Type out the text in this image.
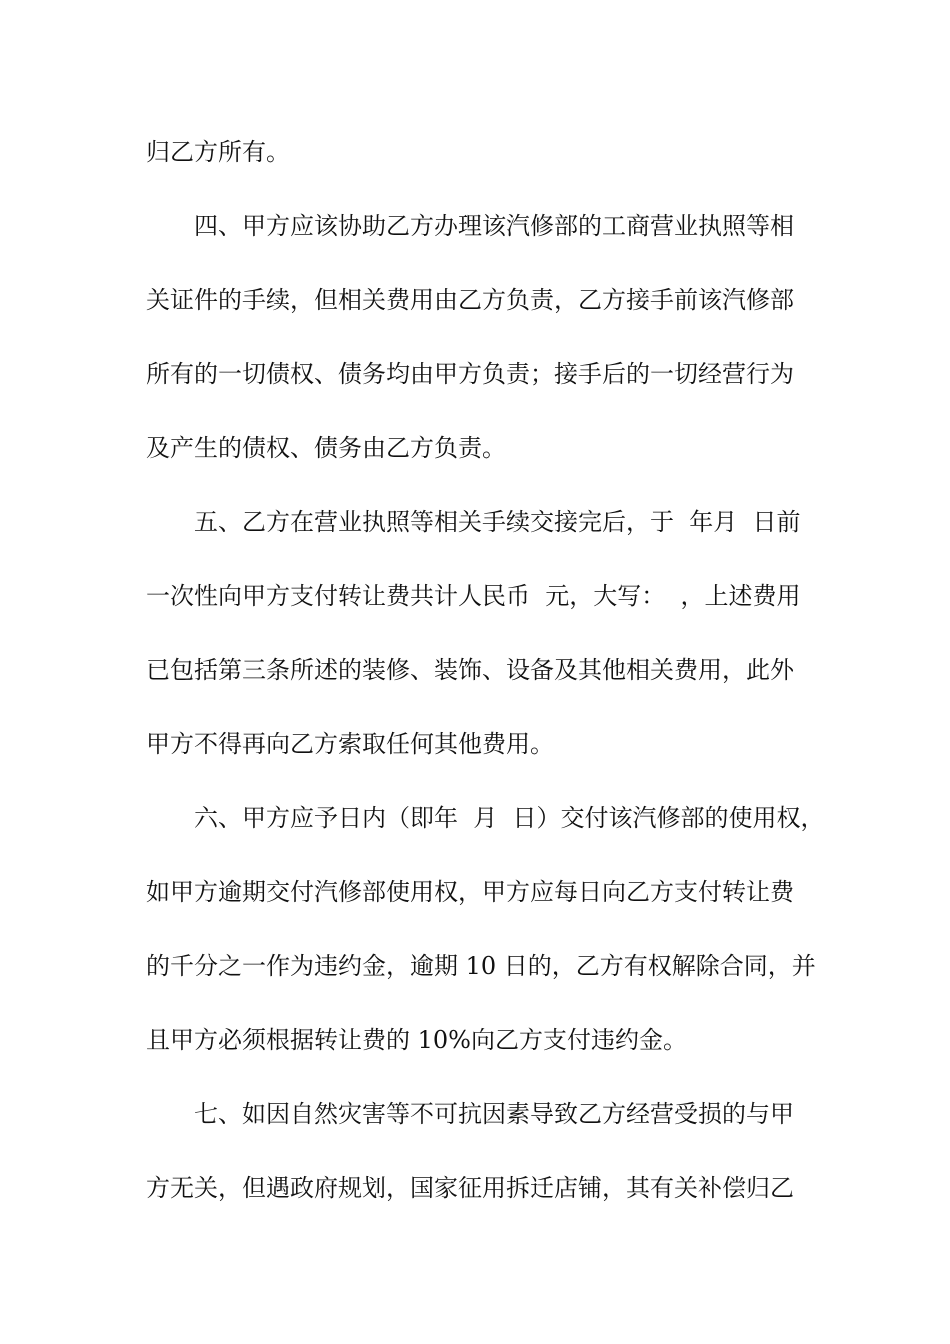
归乙方所有。
四、甲方应该协助乙方办理该汽修部的工商营业执照等相
关证件的手续，但相关费用由乙方负责，乙方接手前该汽修部
所有的一切债权、债务均由甲方负责；接手后的一切经营行为
及产生的债权、债务由乙方负责。
五、乙方在营业执照等相关手续交接完后，于  年月  日前
一次性向甲方支付转让费共计人民币  元，大写：  ，上述费用
已包括第三条所述的装修、装饰、设备及其他相关费用，此外
甲方不得再向乙方索取任何其他费用。
六、甲方应予日内（即年  月  日）交付该汽修部的使用权，
如甲方逾期交付汽修部使用权，甲方应每日向乙方支付转让费
的千分之一作为违约金，逾期 10 日的，乙方有权解除合同，并
且甲方必须根据转让费的 10%向乙方支付违约金。
七、如因自然灾害等不可抗因素导致乙方经营受损的与甲
方无关，但遇政府规划，国家征用拆迁店铺，其有关补偿归乙
